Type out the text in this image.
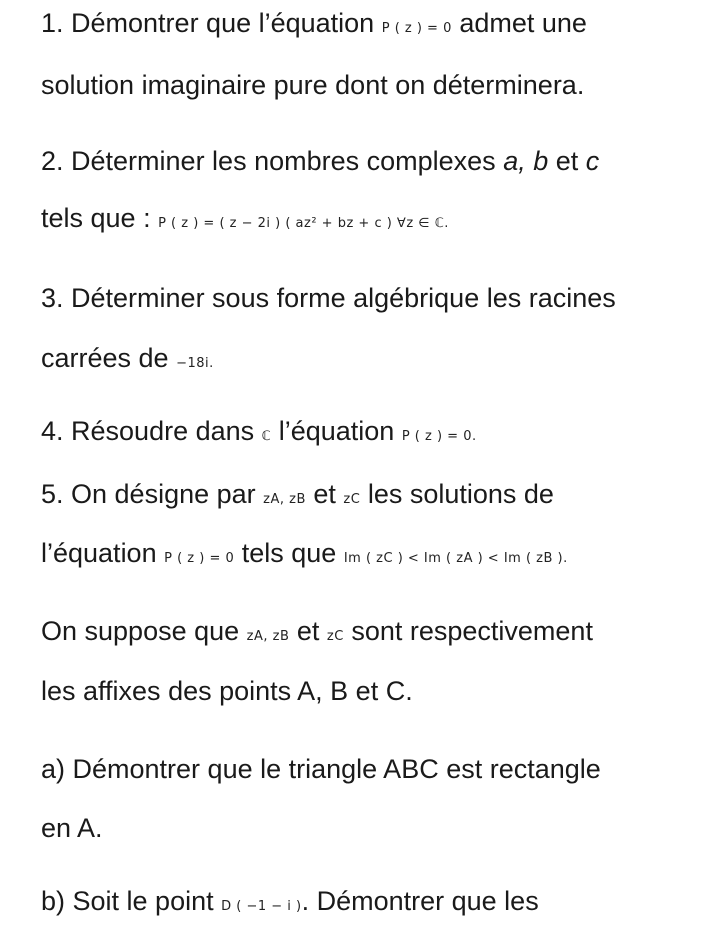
1. Démontrer que l’équation P ( z ) = 0 admet une
solution imaginaire pure dont on déterminera.
2. Déterminer les nombres complexes a, b et c
tels que : P ( z ) = ( z − 2i ) ( az² + bz + c ) ∀z ∈ ℂ.
3. Déterminer sous forme algébrique les racines
carrées de −18i.
4. Résoudre dans ℂ l’équation P ( z ) = 0.
5. On désigne par zA, zB et zC les solutions de
l’équation P ( z ) = 0 tels que Im ( zC ) < Im ( zA ) < Im ( zB ).
On suppose que zA, zB et zC sont respectivement
les affixes des points A, B et C.
a) Démontrer que le triangle ABC est rectangle
en A.
b) Soit le point D ( −1 − i ). Démontrer que les
